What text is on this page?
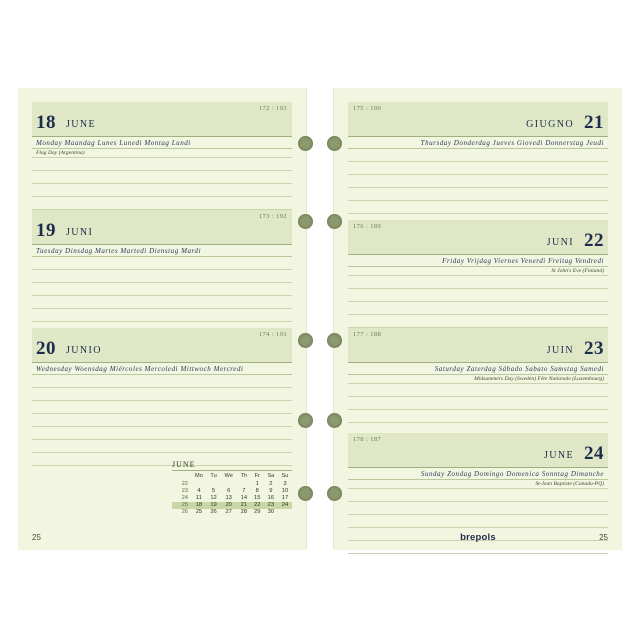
18 JUNE
172 : 193
Monday Maandag Lunes Lunedì Montag Lundi
Flag Day (Argentina)
19 JUNI
173 : 192
Tuesday Dinsdag Martes Martedì Dienstag Mardi
20 JUNIO
174 : 191
Wednesday Woensdag Miércoles Mercoledì Mittwoch Mercredi
JUNE
	Mo	Tu	We	Th	Fr	Sa	Su
22					1	2	3
23	4	5	6	7	8	9	10
24	11	12	13	14	15	16	17
25	18	19	20	21	22	23	24
26	25	26	27	28	29	30	
25
175 : 190
GIUGNO 21
Thursday Donderdag Jueves Giovedì Donnerstag Jeudi
176 : 189
JUNI 22
Friday Vrijdag Viernes Venerdì Freitag Vendredi
St John's Eve (Finland)
177 : 188
JUIN 23
Saturday Zaterdag Sábado Sabato Samstag Samedi
Midsummers Day (Sweden) Fête Nationale (Luxembourg)
178 : 187
JUNE 24
Sunday Zondag Domingo Domenica Sonntag Dimanche
St-Jean Baptiste (Canada-PQ)
brepols	25
